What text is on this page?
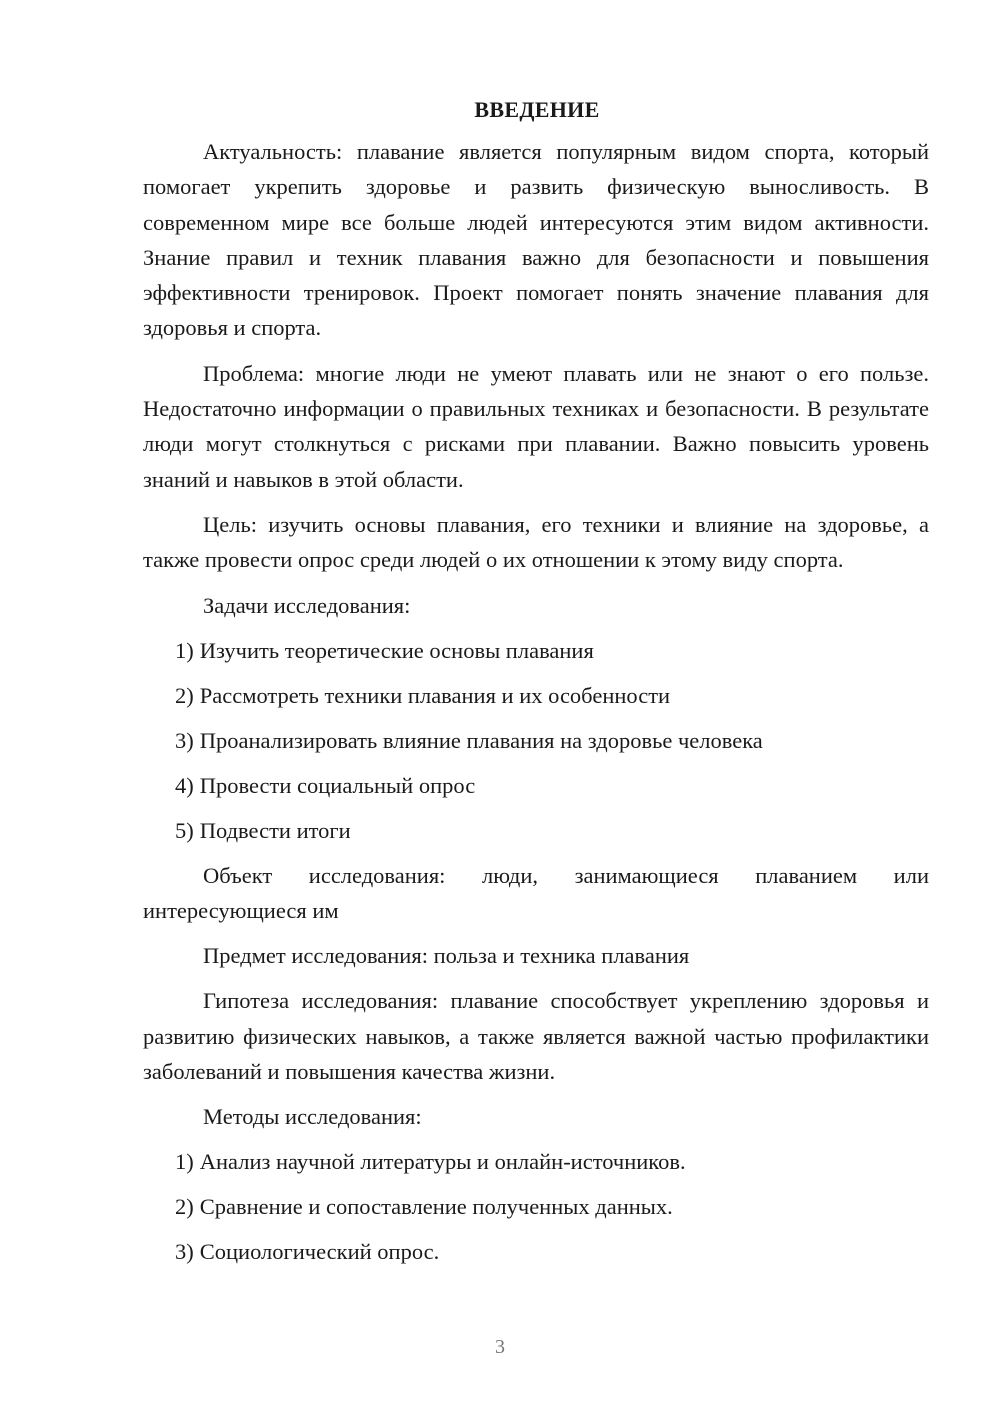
ВВЕДЕНИЕ

Актуальность: плавание является популярным видом спорта, который помогает укрепить здоровье и развить физическую выносливость. В современном мире все больше людей интересуются этим видом активности. Знание правил и техник плавания важно для безопасности и повышения эффективности тренировок. Проект помогает понять значение плавания для здоровья и спорта.

Проблема: многие люди не умеют плавать или не знают о его пользе. Недостаточно информации о правильных техниках и безопасности. В результате люди могут столкнуться с рисками при плавании. Важно повысить уровень знаний и навыков в этой области.

Цель: изучить основы плавания, его техники и влияние на здоровье, а также провести опрос среди людей о их отношении к этому виду спорта.

Задачи исследования:

1) Изучить теоретические основы плавания
2) Рассмотреть техники плавания и их особенности
3) Проанализировать влияние плавания на здоровье человека
4) Провести социальный опрос
5) Подвести итоги

Объект исследования: люди, занимающиеся плаванием или интересующиеся им

Предмет исследования: польза и техника плавания

Гипотеза исследования: плавание способствует укреплению здоровья и развитию физических навыков, а также является важной частью профилактики заболеваний и повышения качества жизни.

Методы исследования:

1) Анализ научной литературы и онлайн-источников.
2) Сравнение и сопоставление полученных данных.
3) Социологический опрос.
3
